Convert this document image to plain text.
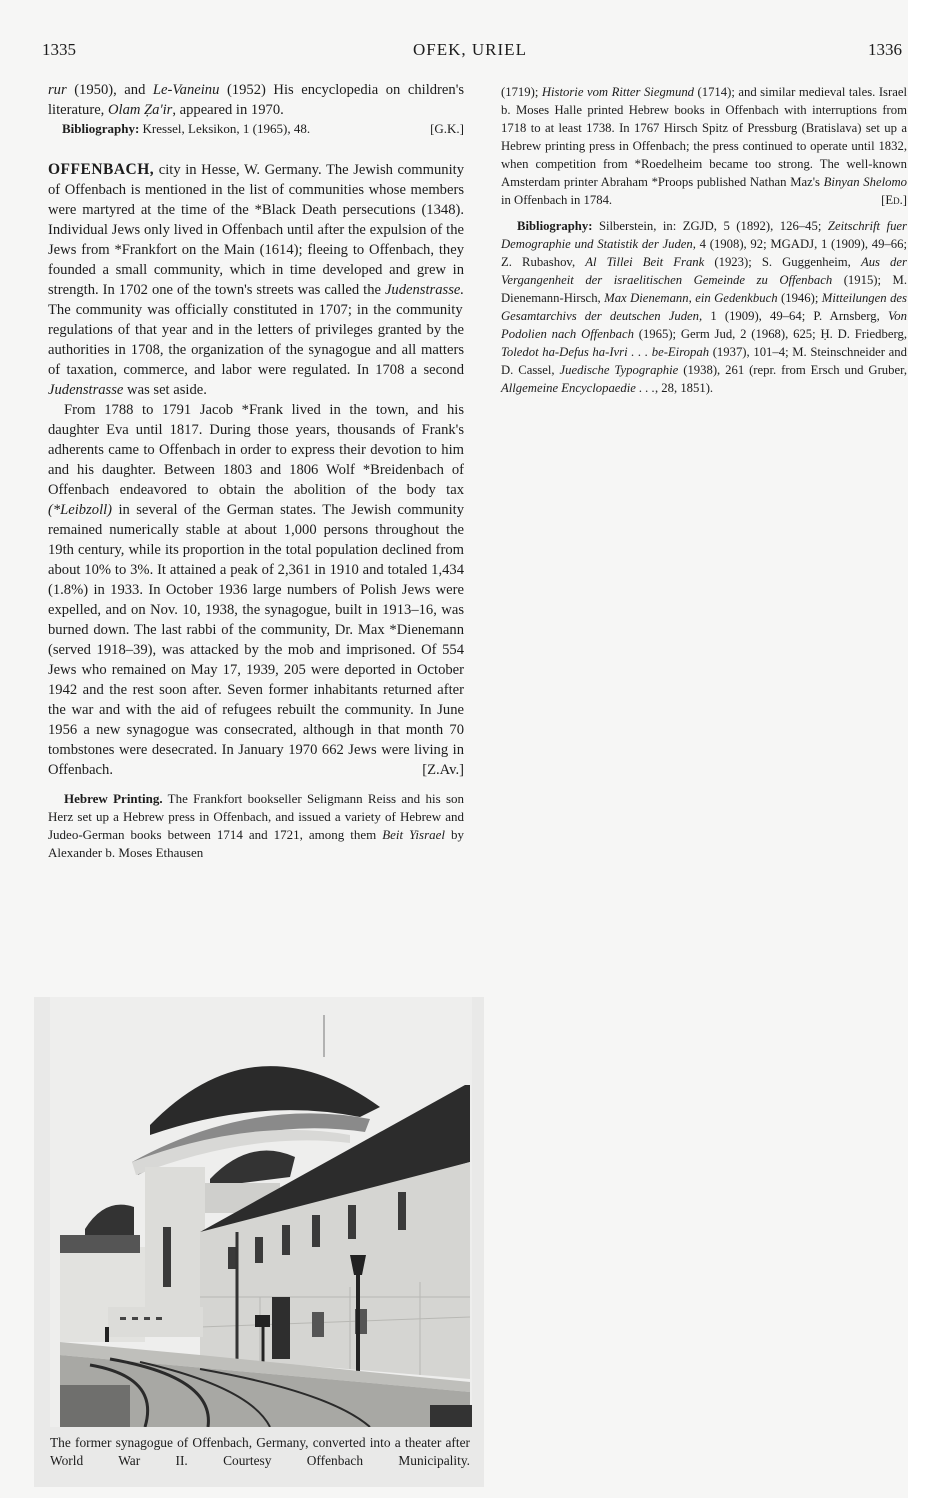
1335	OFEK, URIEL	1336

rur (1950), and Le-Vaneinu (1952) His encyclopedia on children's literature, Olam Ẓa'ir, appeared in 1970.

Bibliography: Kressel, Leksikon, 1 (1965), 48.	[G.K.]

OFFENBACH, city in Hesse, W. Germany. The Jewish community of Offenbach is mentioned in the list of communities whose members were martyred at the time of the *Black Death persecutions (1348). Individual Jews only lived in Offenbach until after the expulsion of the Jews from *Frankfort on the Main (1614); fleeing to Offenbach, they founded a small community, which in time developed and grew in strength. In 1702 one of the town's streets was called the Judenstrasse. The community was officially constituted in 1707; in the community regulations of that year and in the letters of privileges granted by the authorities in 1708, the organization of the synagogue and all matters of taxation, commerce, and labor were regulated. In 1708 a second Judenstrasse was set aside.

From 1788 to 1791 Jacob *Frank lived in the town, and his daughter Eva until 1817. During those years, thousands of Frank's adherents came to Offenbach in order to express their devotion to him and his daughter. Between 1803 and 1806 Wolf *Breidenbach of Offenbach endeavored to obtain the abolition of the body tax (*Leibzoll) in several of the German states. The Jewish community remained numerically stable at about 1,000 persons throughout the 19th century, while its proportion in the total population declined from about 10% to 3%. It attained a peak of 2,361 in 1910 and totaled 1,434 (1.8%) in 1933. In October 1936 large numbers of Polish Jews were expelled, and on Nov. 10, 1938, the synagogue, built in 1913–16, was burned down. The last rabbi of the community, Dr. Max *Dienemann (served 1918–39), was attacked by the mob and imprisoned. Of 554 Jews who remained on May 17, 1939, 205 were deported in October 1942 and the rest soon after. Seven former inhabitants returned after the war and with the aid of refugees rebuilt the community. In June 1956 a new synagogue was consecrated, although in that month 70 tombstones were desecrated. In January 1970 662 Jews were living in Offenbach.	[Z.Av.]

Hebrew Printing. The Frankfort bookseller Seligmann Reiss and his son Herz set up a Hebrew press in Offenbach, and issued a variety of Hebrew and Judeo-German books between 1714 and 1721, among them Beit Yisrael by Alexander b. Moses Ethausen

(1719); Historie vom Ritter Siegmund (1714); and similar medieval tales. Israel b. Moses Halle printed Hebrew books in Offenbach with interruptions from 1718 to at least 1738. In 1767 Hirsch Spitz of Pressburg (Bratislava) set up a Hebrew printing press in Offenbach; the press continued to operate until 1832, when competition from *Roedelheim became too strong. The well-known Amsterdam printer Abraham *Proops published Nathan Maz's Binyan Shelomo in Offenbach in 1784.	[Ed.]

Bibliography: Silberstein, in: ZGJD, 5 (1892), 126–45; Zeitschrift fuer Demographie und Statistik der Juden, 4 (1908), 92; MGADJ, 1 (1909), 49–66; Z. Rubashov, Al Tillei Beit Frank (1923); S. Guggenheim, Aus der Vergangenheit der israelitischen Gemeinde zu Offenbach (1915); M. Dienemann-Hirsch, Max Dienemann, ein Gedenkbuch (1946); Mitteilungen des Gesamtarchivs der deutschen Juden, 1 (1909), 49–64; P. Arnsberg, Von Podolien nach Offenbach (1965); Germ Jud, 2 (1968), 625; Ḥ. D. Friedberg, Toledot ha-Defus ha-Ivri . . . be-Eiropah (1937), 101–4; M. Steinschneider and D. Cassel, Juedische Typographie (1938), 261 (repr. from Ersch und Gruber, Allgemeine Encyclopaedie . . ., 28, 1851).

The former synagogue of Offenbach, Germany, converted into a theater after World War II. Courtesy Offenbach Municipality.
